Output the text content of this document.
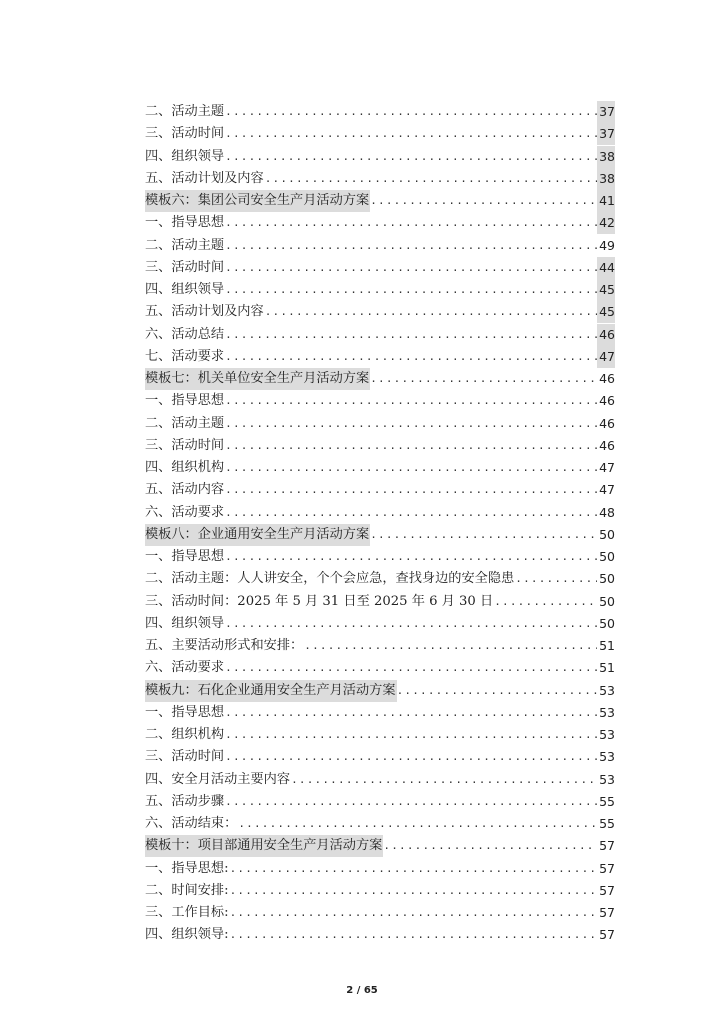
二、活动主题 .....	37
三、活动时间 .....	37
四、组织领导 .....	38
五、活动计划及内容 .....	38
模板六：集团公司安全生产月活动方案 .....	41
一、指导思想 .....	42
二、活动主题 .....	49
三、活动时间 .....	44
四、组织领导 .....	45
五、活动计划及内容 .....	45
六、活动总结 .....	46
七、活动要求 .....	47
模板七：机关单位安全生产月活动方案 .....	46
一、指导思想 .....	46
二、活动主题 .....	46
三、活动时间 .....	46
四、组织机构 .....	47
五、活动内容 .....	47
六、活动要求 .....	48
模板八：企业通用安全生产月活动方案 .....	50
一、指导思想 .....	50
二、活动主题：人人讲安全，个个会应急，查找身边的安全隐患 .....	50
三、活动时间：2025 年 5 月 31 日至 2025 年 6 月 30 日 .....	50
四、组织领导 .....	50
五、主要活动形式和安排： .....	51
六、活动要求 .....	51
模板九：石化企业通用安全生产月活动方案 .....	53
一、指导思想 .....	53
二、组织机构 .....	53
三、活动时间 .....	53
四、安全月活动主要内容 .....	53
五、活动步骤 .....	55
六、活动结束： .....	55
模板十：项目部通用安全生产月活动方案 .....	57
一、指导思想: .....	57
二、时间安排: .....	57
三、工作目标: .....	57
四、组织领导: .....	57
2 / 65
